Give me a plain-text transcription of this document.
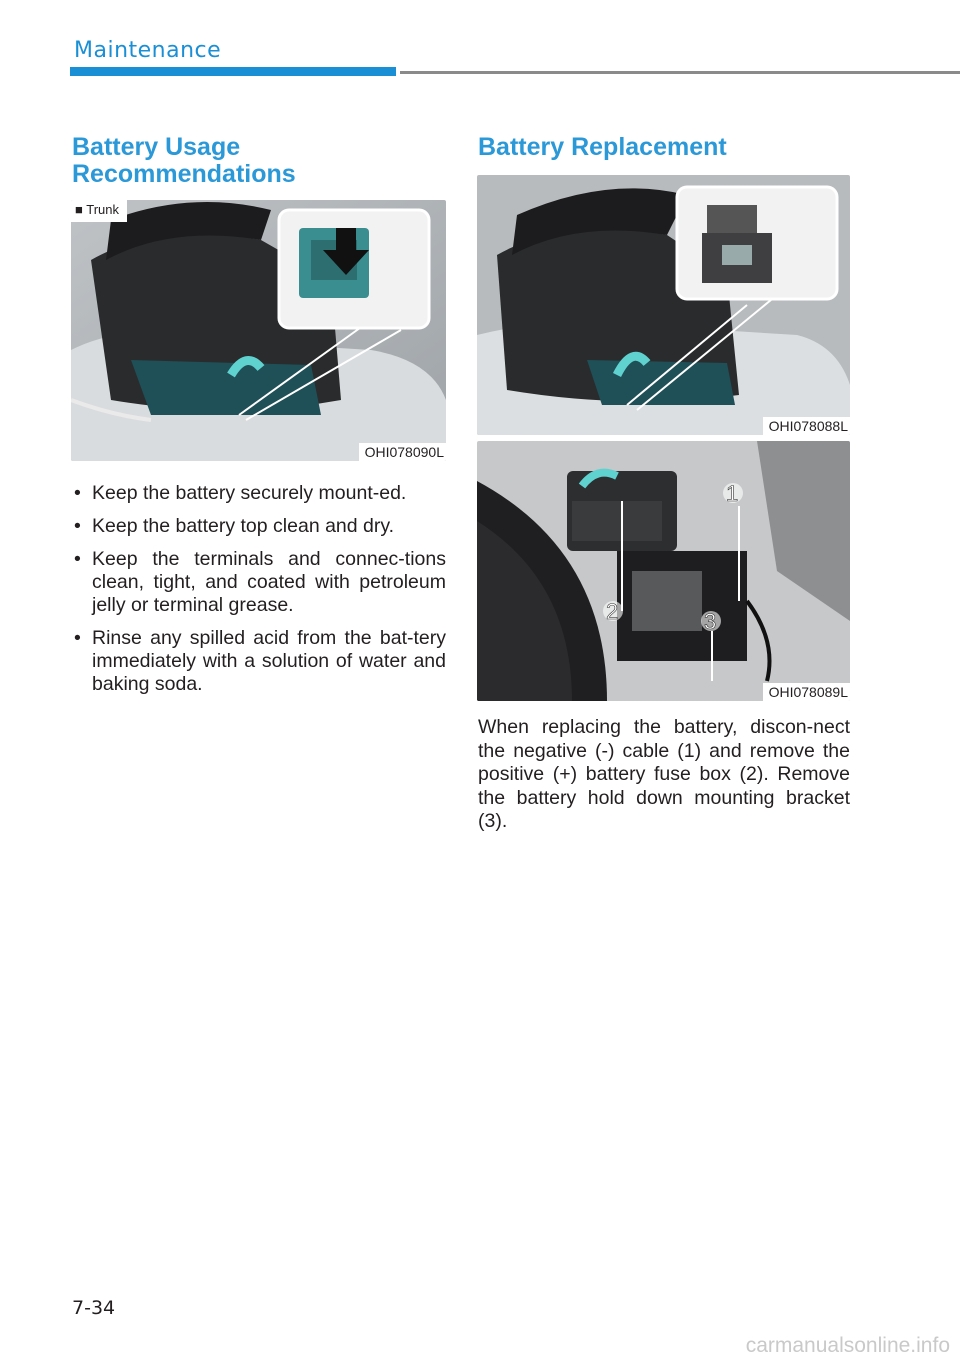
Maintenance
Battery Usage
Recommendations
■ Trunk
OHI078090L
• Keep the battery securely mount-ed.
• Keep the battery top clean and dry.
• Keep the terminals and connec-tions clean, tight, and coated with petroleum jelly or terminal grease.
• Rinse any spilled acid from the bat-tery immediately with a solution of water and baking soda.
Battery Replacement
OHI078088L
1
2	3
OHI078089L

When replacing the battery, discon-nect the negative (-) cable (1) and remove the positive (+) battery fuse box (2). Remove the battery hold down mounting bracket (3).

7-34
carmanualsonline.info
